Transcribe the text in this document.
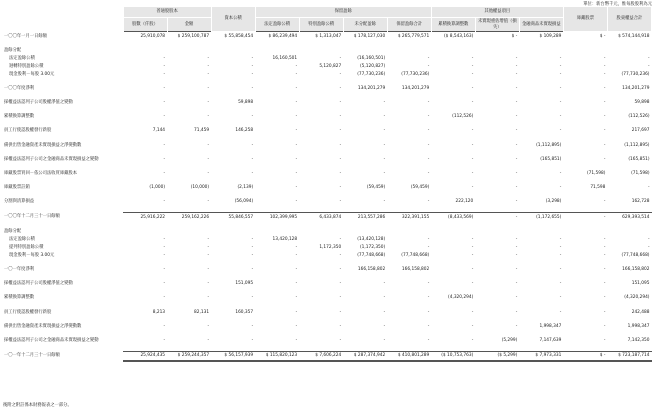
單位：新台幣千元，惟每股股利為元
	普通股股本		資本公積	保留盈餘				其他權益項目			庫藏股票	股東權益合計
	股數（仟股）	金額		法定盈餘公積	特別盈餘公積	未分配盈餘	保留盈餘合計	累積換算調整數	未實現重估增值（損失）	金融商品未實現損益		
一〇〇年一月一日餘額	25,910,078	$ 259,100,787	$ 55,858,454	$ 86,239,494	$ 1,313,047	$ 178,127,030	$ 265,779,571	($ 8,543,163)	$ -	$ 109,289	$ -	$ 574,144,918

盈餘分配												
法定盈餘公積	-	-	-	16,160,501	-	(16,160,501)	-	-	-	-	-	-
迴轉特別盈餘公積	-	-	-	-	5,120,827	(5,120,827)	-	-	-	-	-	-
現金股利－每股 3.00元	-	-	-	-	-	(77,730,236)	(77,730,236)	-	-	-	-	(77,730,236)

一〇〇年度淨利	-	-	-	-	-	134,201,279	134,201,279	-	-	-	-	134,201,279

採權益法認列子公司股權淨值之變動	-	-	59,898	-	-	-	-	-	-	-	-	59,898

累積換算調整數	-	-	-	-	-	-	-	(112,526)	-	-	-	(112,526)

員工行使認股權發行新股	7,144	71,459	146,258	-	-	-	-	-	-	-	-	217,697

備供出售金融資產未實現損益之淨變動數	-	-	-	-	-	-	-	-	-	(1,112,895)	-	(1,112,895)

採權益法認列子公司之金融商品未實現損益之變動	-	-	-	-	-	-	-	-	-	(165,851)	-	(165,851)

庫藏股票買回－依公司法收買庫藏股本	-	-	-	-	-	-	-	-	-	-	(71,598)	(71,598)

庫藏股票註銷	(1,000)	(10,000)	(2,139)	-	-	(59,459)	(59,459)	-	-	-	71,598	-

分割與清算損益	-	-	(56,094)	-	-	-	-	222,120	-	(3,298)	-	162,728

一〇〇年十二月三十一日餘額	25,916,222	259,162,226	55,846,557	102,399,995	6,433,874	213,557,286	322,391,155	(8,433,569)	-	(1,172,655)	-	629,393,514

盈餘分配												
法定盈餘公積	-	-	-	13,420,128	-	(13,420,128)	-	-	-	-	-	-
提列特別盈餘公積	-	-	-	-	1,172,350	(1,172,350)	-	-	-	-	-	-
現金股利－每股 3.00元	-	-	-	-	-	(77,748,668)	(77,748,668)	-	-	-	-	(77,748,668)

一〇一年度淨利	-	-	-	-	-	166,158,802	166,158,802	-	-	-	-	166,158,802

採權益法認列子公司股權淨值之變動	-	-	151,095	-	-	-	-	-	-	-	-	151,095

累積換算調整數	-	-	-	-	-	-	-	(4,320,294)	-	-	-	(4,320,294)

員工行使認股權發行新股	8,213	82,131	160,357	-	-	-	-	-	-	-	-	242,488

備供出售金融資產未實現損益之淨變動數	-	-	-	-	-	-	-	-	-	1,998,347	-	1,998,347

採權益法認列子公司之金融商品未實現損益之變動	-	-	-	-	-	-	-	-	(5,299)	7,147,639	-	7,142,350

一〇一年十二月三十一日餘額	25,924,435	$ 259,244,357	$ 56,157,939	$ 115,820,123	$ 7,606,224	$ 287,374,942	$ 410,801,289	($ 10,753,763)	($ 5,299)	$ 7,973,331	$ -	$ 723,187,714
後附之附註係本財務報表之一部分。
